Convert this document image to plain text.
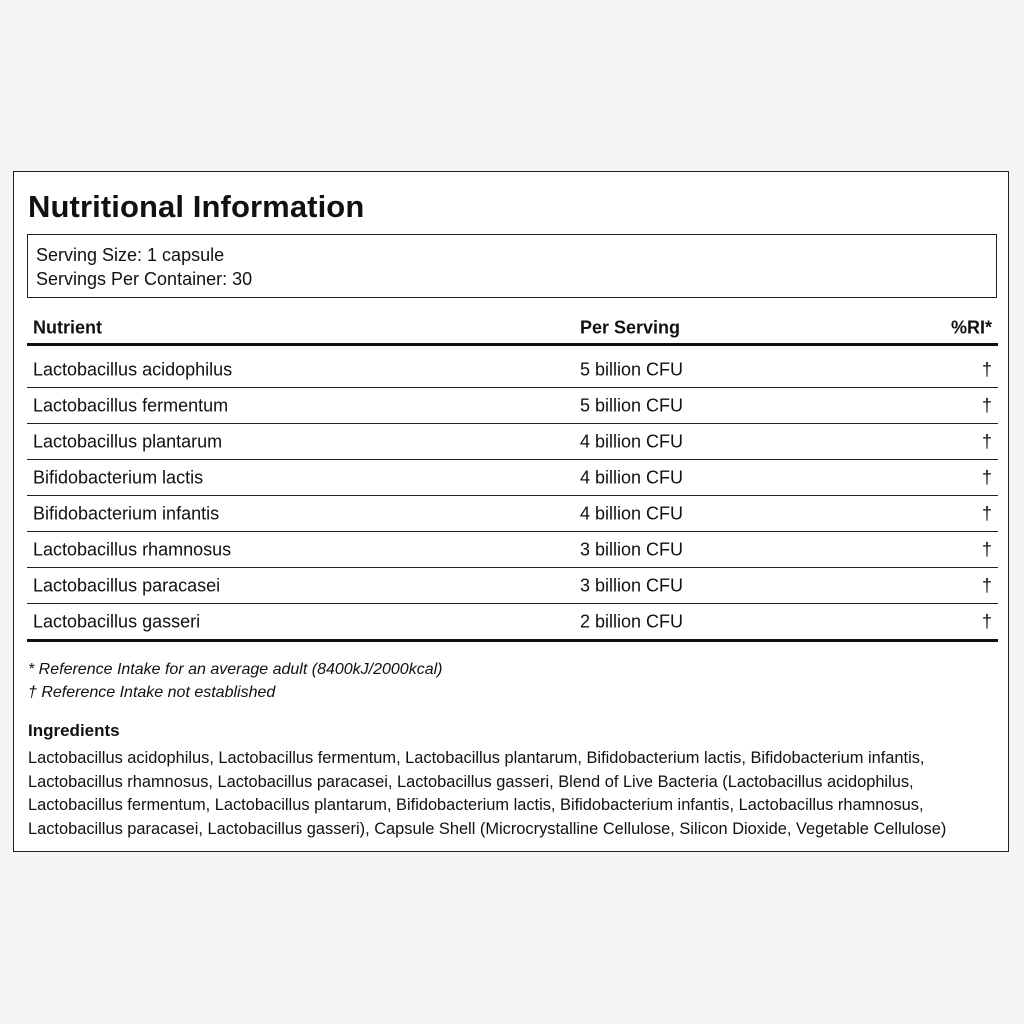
Nutritional Information
Serving Size: 1 capsule
Servings Per Container: 30
Nutrient	Per Serving	%RI*
Lactobacillus acidophilus	5 billion CFU	†
Lactobacillus fermentum	5 billion CFU	†
Lactobacillus plantarum	4 billion CFU	†
Bifidobacterium lactis	4 billion CFU	†
Bifidobacterium infantis	4 billion CFU	†
Lactobacillus rhamnosus	3 billion CFU	†
Lactobacillus paracasei	3 billion CFU	†
Lactobacillus gasseri	2 billion CFU	†
* Reference Intake for an average adult (8400kJ/2000kcal)
† Reference Intake not established
Ingredients
Lactobacillus acidophilus, Lactobacillus fermentum, Lactobacillus plantarum, Bifidobacterium lactis, Bifidobacterium infantis, Lactobacillus rhamnosus, Lactobacillus paracasei, Lactobacillus gasseri, Blend of Live Bacteria (Lactobacillus acidophilus, Lactobacillus fermentum, Lactobacillus plantarum, Bifidobacterium lactis, Bifidobacterium infantis, Lactobacillus rhamnosus, Lactobacillus paracasei, Lactobacillus gasseri), Capsule Shell (Microcrystalline Cellulose, Silicon Dioxide, Vegetable Cellulose)
